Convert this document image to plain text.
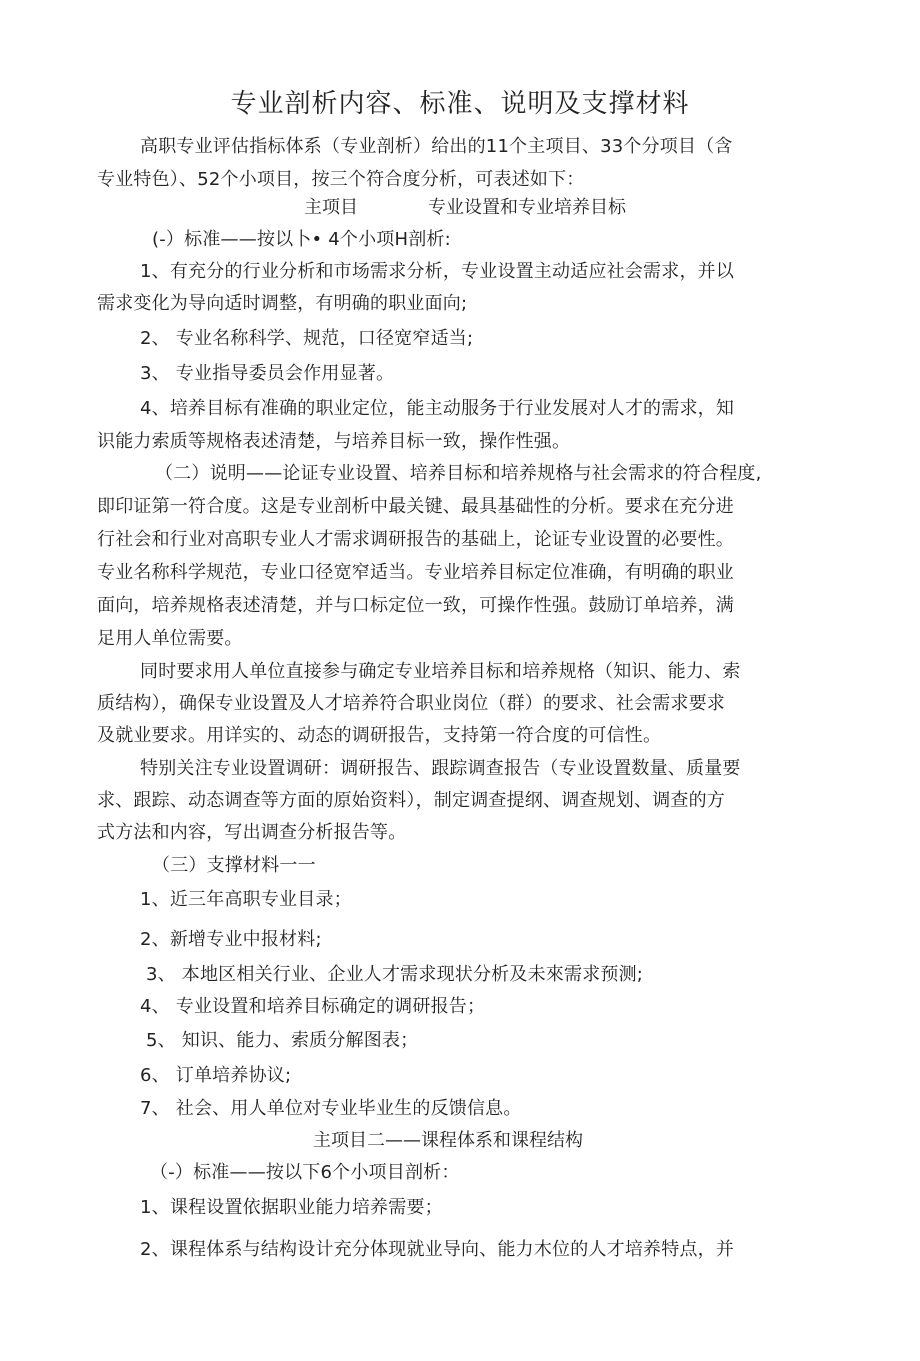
专业剖析内容、标准、说明及支撑材料
高职专业评估指标体系（专业剖析）给出的11个主项目、33个分项目（含
专业特色）、52个小项目，按三个符合度分析，可表述如下：
主项目	专业设置和专业培养目标
(-）标准——按以卜• 4个小项H剖析:
1、有充分的行业分析和市场需求分析，专业设置主动适应社会需求，并以
需求变化为导向适时调整，有明确的职业面向;
2、 专业名称科学、规范，口径宽窄适当;
3、 专业指导委员会作用显著。
4、培养目标有准确的职业定位，能主动服务于行业发展对人才的需求，知
识能力索质等规格表述清楚，与培养目标一致，操作性强。
（二）说明——论证专业设置、培养目标和培养规格与社会需求的符合程度,
即印证第一符合度。这是专业剖析中最关键、最具基础性的分析。要求在充分进
行社会和行业对高职专业人才需求调研报告的基础上，论证专业设置的必要性。
专业名称科学规范，专业口径宽窄适当。专业培养目标定位准确，有明确的职业
面向，培养规格表述清楚，并与口标定位一致，可操作性强。鼓励订单培养，满
足用人单位需要。
同时要求用人单位直接参与确定专业培养目标和培养规格（知识、能力、索
质结构），确保专业设置及人才培养符合职业岗位（群）的要求、社会需求要求
及就业要求。用详实的、动态的调研报告，支持第一符合度的可信性。
特别关注专业设置调研：调研报告、跟踪调查报告（专业设置数量、质量要
求、跟踪、动态调查等方面的原始资料），制定调查提纲、调查规划、调查的方
式方法和内容，写出调查分析报告等。
（三）支撑材料一一
1、近三年高职专业目录；
2、新增专业中报材料;
3、 本地区相关行业、企业人才需求现状分析及未來需求预测;
4、 专业设置和培养目标确定的调研报告；
5、 知识、能力、索质分解图表；
6、 订单培养协议;
7、 社会、用人单位对专业毕业生的反馈信息。
主项目二——课程体系和课程结构
（-）标准——按以下6个小项目剖析：
1、课程设置依据职业能力培养需要；
2、课程体系与结构设计充分体现就业导向、能力木位的人才培养特点，并
